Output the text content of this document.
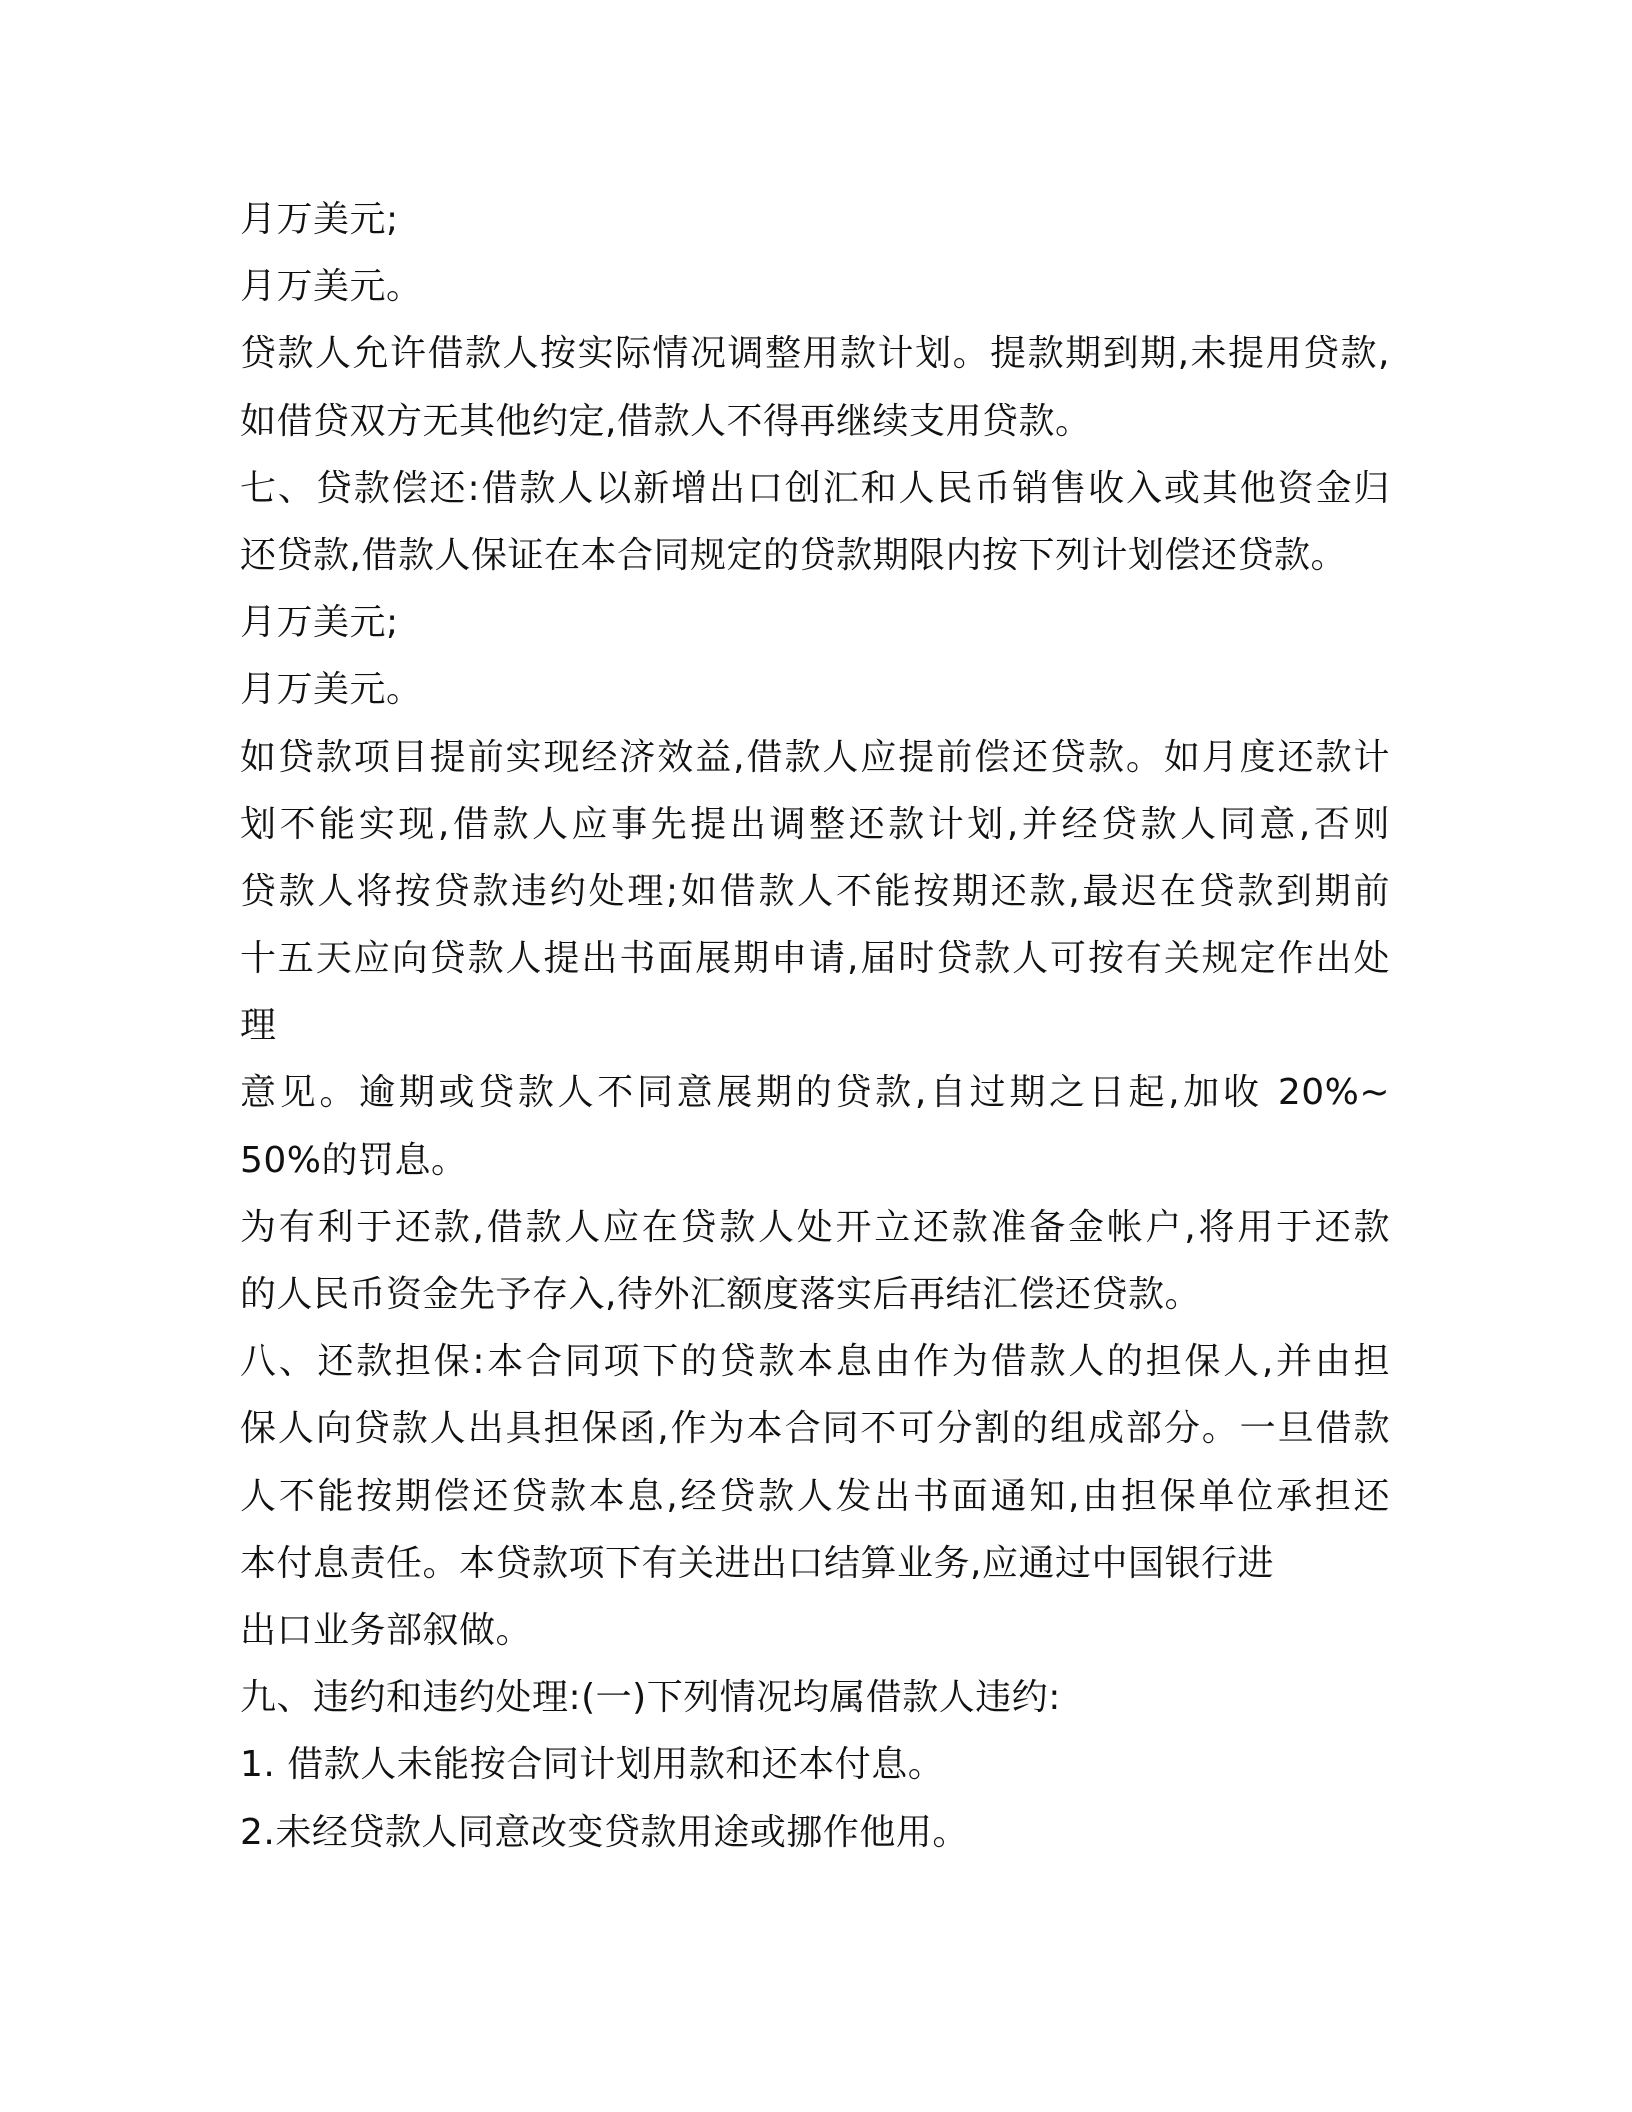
月万美元;
月万美元。
贷款人允许借款人按实际情况调整用款计划。提款期到期,未提用贷款,
如借贷双方无其他约定,借款人不得再继续支用贷款。
七、贷款偿还:借款人以新增出口创汇和人民币销售收入或其他资金归
还贷款,借款人保证在本合同规定的贷款期限内按下列计划偿还贷款。
月万美元;
月万美元。
如贷款项目提前实现经济效益,借款人应提前偿还贷款。如月度还款计
划不能实现,借款人应事先提出调整还款计划,并经贷款人同意,否则
贷款人将按贷款违约处理;如借款人不能按期还款,最迟在贷款到期前
十五天应向贷款人提出书面展期申请,届时贷款人可按有关规定作出处
理
意见。逾期或贷款人不同意展期的贷款,自过期之日起,加收 20%~
50%的罚息。
为有利于还款,借款人应在贷款人处开立还款准备金帐户,将用于还款
的人民币资金先予存入,待外汇额度落实后再结汇偿还贷款。
八、还款担保:本合同项下的贷款本息由作为借款人的担保人,并由担
保人向贷款人出具担保函,作为本合同不可分割的组成部分。一旦借款
人不能按期偿还贷款本息,经贷款人发出书面通知,由担保单位承担还
本付息责任。本贷款项下有关进出口结算业务,应通过中国银行进
出口业务部叙做。
九、违约和违约处理:(一)下列情况均属借款人违约:
1. 借款人未能按合同计划用款和还本付息。
2.未经贷款人同意改变贷款用途或挪作他用。
